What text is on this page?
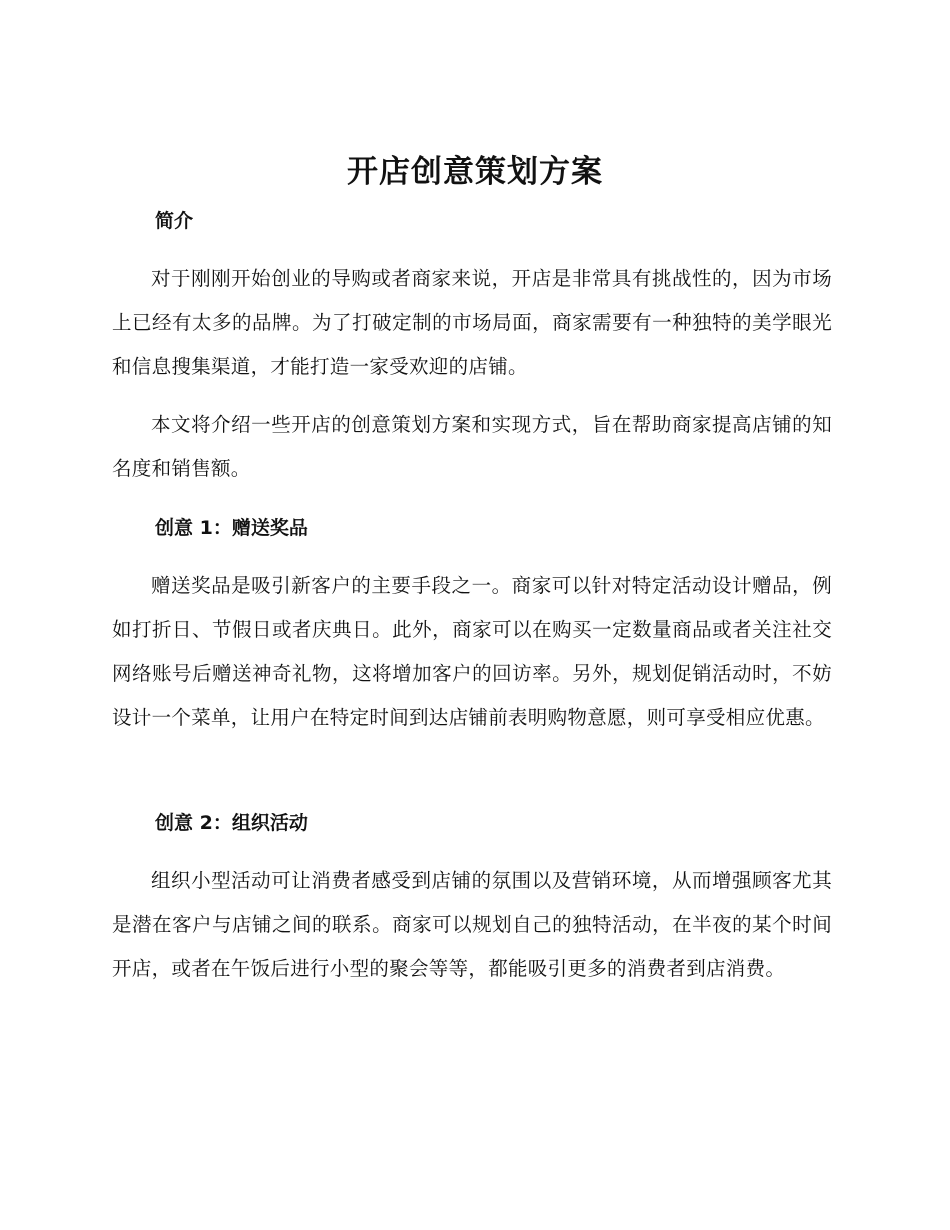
开店创意策划方案
简介

对于刚刚开始创业的导购或者商家来说，开店是非常具有挑战性的，因为市场上已经有太多的品牌。为了打破定制的市场局面，商家需要有一种独特的美学眼光和信息搜集渠道，才能打造一家受欢迎的店铺。

本文将介绍一些开店的创意策划方案和实现方式，旨在帮助商家提高店铺的知名度和销售额。

创意 1：赠送奖品

赠送奖品是吸引新客户的主要手段之一。商家可以针对特定活动设计赠品，例如打折日、节假日或者庆典日。此外，商家可以在购买一定数量商品或者关注社交网络账号后赠送神奇礼物，这将增加客户的回访率。另外，规划促销活动时，不妨设计一个菜单，让用户在特定时间到达店铺前表明购物意愿，则可享受相应优惠。

创意 2：组织活动

组织小型活动可让消费者感受到店铺的氛围以及营销环境，从而增强顾客尤其是潜在客户与店铺之间的联系。商家可以规划自己的独特活动，在半夜的某个时间开店，或者在午饭后进行小型的聚会等等，都能吸引更多的消费者到店消费。
